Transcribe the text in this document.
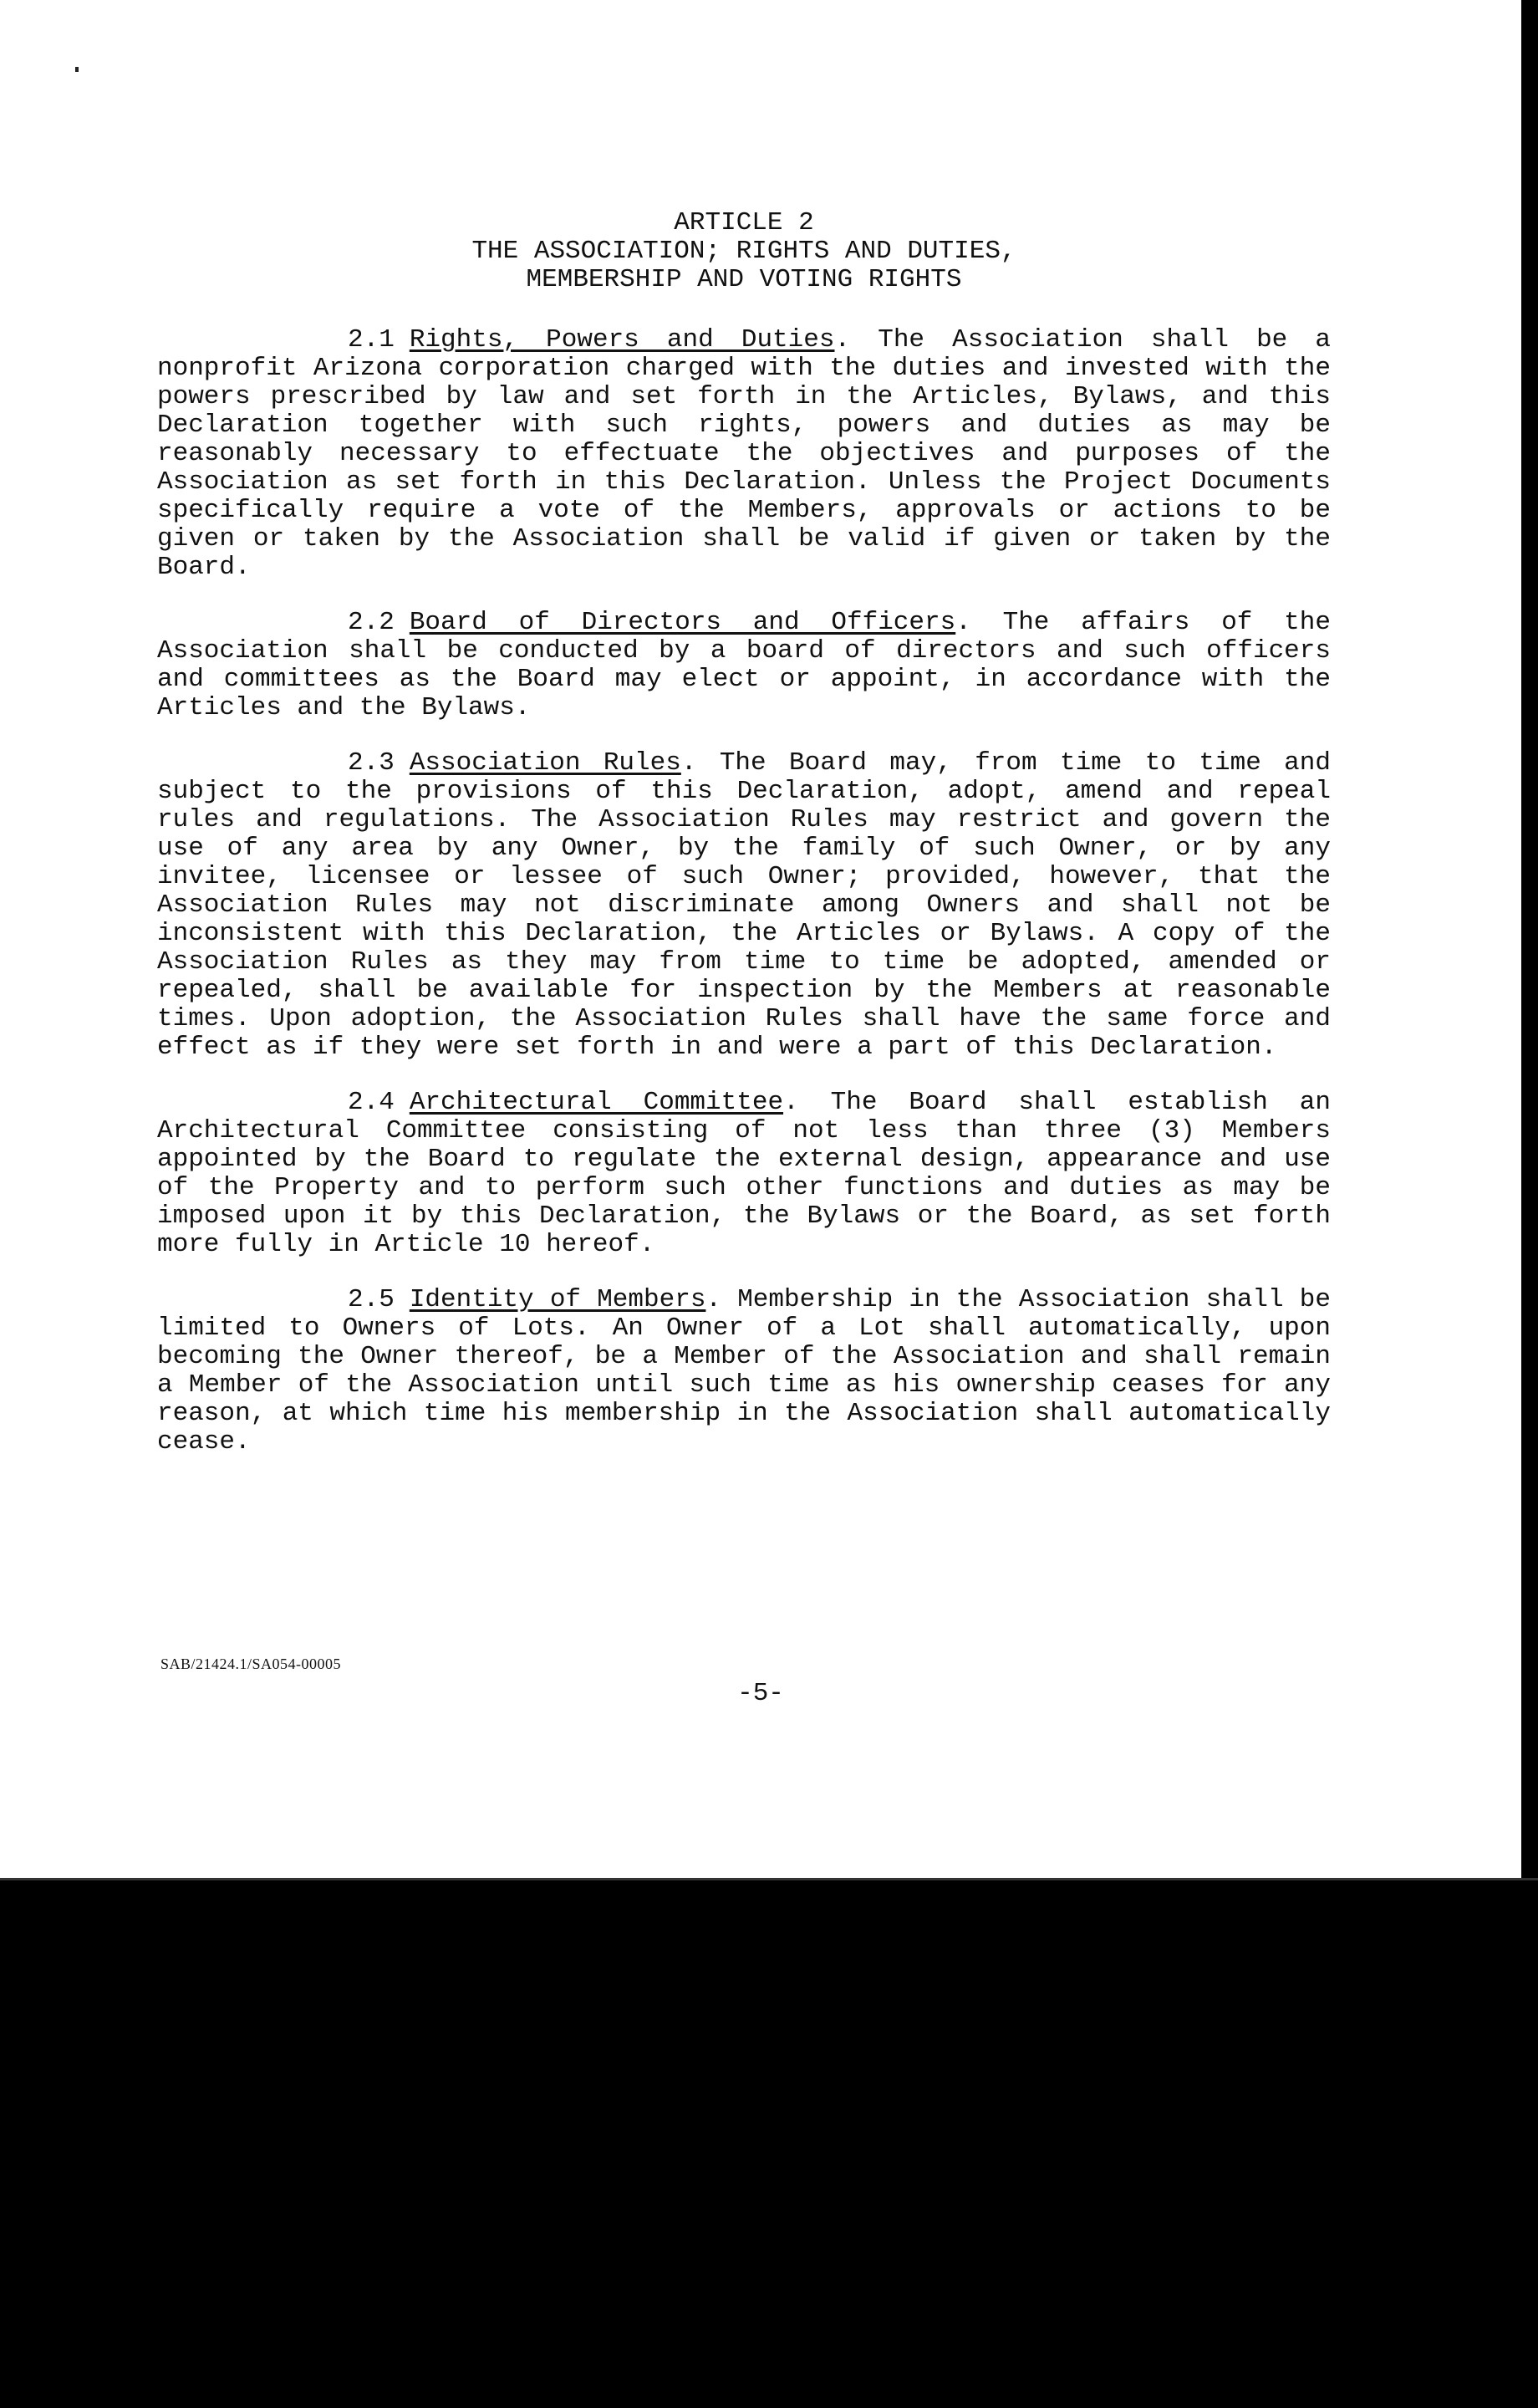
ARTICLE 2
THE ASSOCIATION; RIGHTS AND DUTIES,
MEMBERSHIP AND VOTING RIGHTS

2.1 Rights, Powers and Duties. The Association shall be a nonprofit Arizona corporation charged with the duties and invested with the powers prescribed by law and set forth in the Articles, Bylaws, and this Declaration together with such rights, powers and duties as may be reasonably necessary to effectuate the objectives and purposes of the Association as set forth in this Declaration. Unless the Project Documents specifically require a vote of the Members, approvals or actions to be given or taken by the Association shall be valid if given or taken by the Board.

2.2 Board of Directors and Officers. The affairs of the Association shall be conducted by a board of directors and such officers and committees as the Board may elect or appoint, in accordance with the Articles and the Bylaws.

2.3 Association Rules. The Board may, from time to time and subject to the provisions of this Declaration, adopt, amend and repeal rules and regulations. The Association Rules may restrict and govern the use of any area by any Owner, by the family of such Owner, or by any invitee, licensee or lessee of such Owner; provided, however, that the Association Rules may not discriminate among Owners and shall not be inconsistent with this Declaration, the Articles or Bylaws. A copy of the Association Rules as they may from time to time be adopted, amended or repealed, shall be available for inspection by the Members at reasonable times. Upon adoption, the Association Rules shall have the same force and effect as if they were set forth in and were a part of this Declaration.

2.4 Architectural Committee. The Board shall establish an Architectural Committee consisting of not less than three (3) Members appointed by the Board to regulate the external design, appearance and use of the Property and to perform such other functions and duties as may be imposed upon it by this Declaration, the Bylaws or the Board, as set forth more fully in Article 10 hereof.

2.5 Identity of Members. Membership in the Association shall be limited to Owners of Lots. An Owner of a Lot shall automatically, upon becoming the Owner thereof, be a Member of the Association and shall remain a Member of the Association until such time as his ownership ceases for any reason, at which time his membership in the Association shall automatically cease.

SAB/21424.1/SA054-00005
-5-
